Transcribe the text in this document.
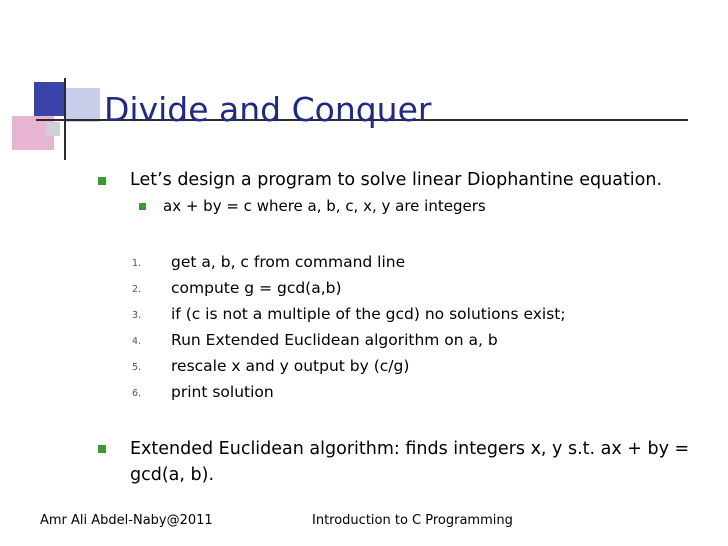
Divide and Conquer
Let’s design a program to solve linear Diophantine equation.
ax + by = c where a, b, c, x, y are integers
1. get a, b, c from command line
2. compute g = gcd(a,b)
3. if (c is not a multiple of the gcd) no solutions exist;
4. Run Extended Euclidean algorithm on a, b
5. rescale x and y output by (c/g)
6. print solution
Extended Euclidean algorithm: finds integers x, y s.t. ax + by =
gcd(a, b).
Amr Ali Abdel-Naby@2011	Introduction to C Programming
